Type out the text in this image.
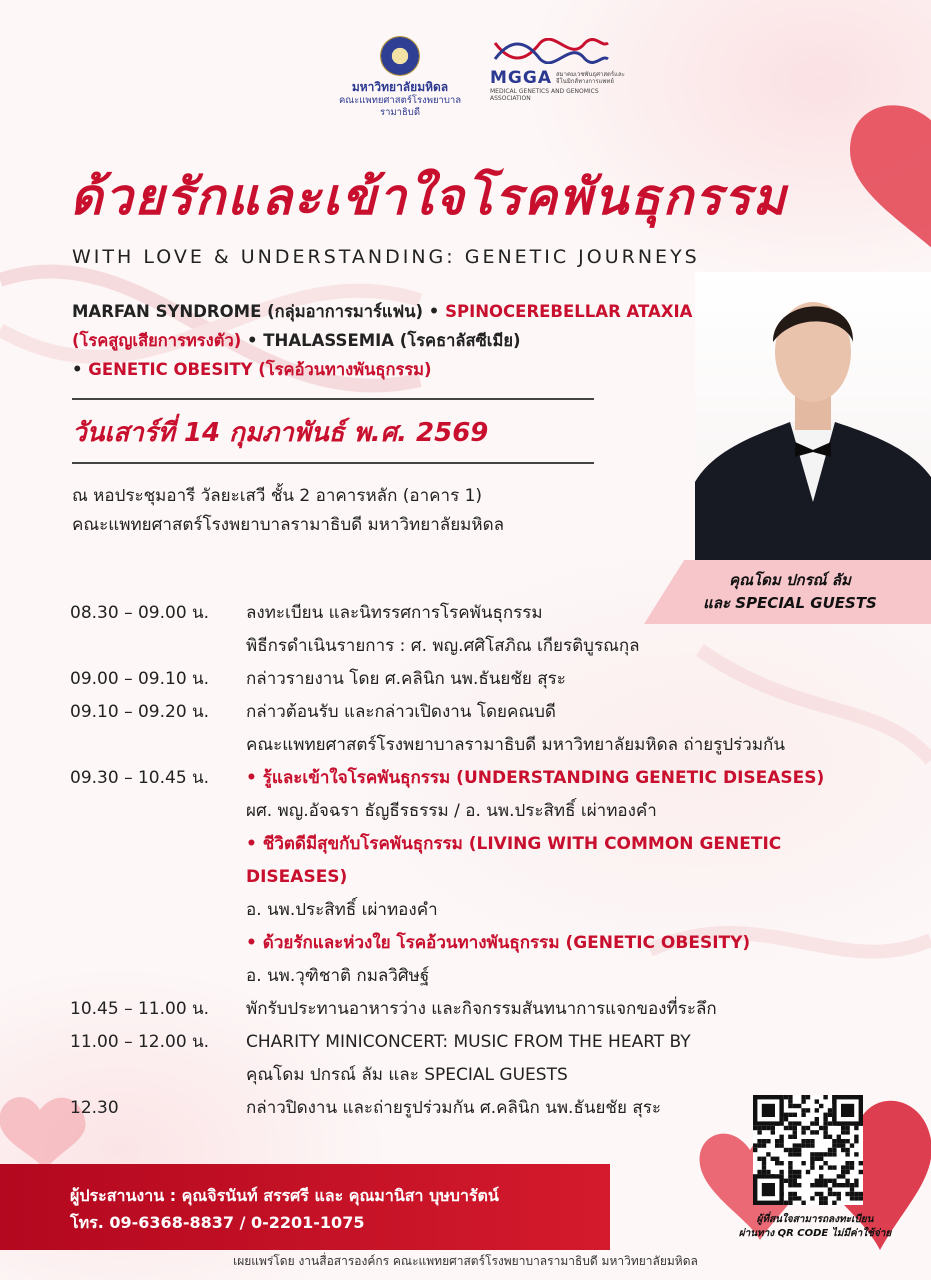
มหาวิทยาลัยมหิดล
คณะแพทยศาสตร์โรงพยาบาลรามาธิบดี
MGGA สมาคมเวชพันธุศาสตร์และจีโนมิกส์ทางการแพทย์
MEDICAL GENETICS AND GENOMICS ASSOCIATION
ด้วยรักและเข้าใจโรคพันธุกรรม
WITH LOVE & UNDERSTANDING: GENETIC JOURNEYS
MARFAN SYNDROME (กลุ่มอาการมาร์แฟน) • SPINOCEREBELLAR ATAXIA (โรคสูญเสียการทรงตัว) • THALASSEMIA (โรคธาลัสซีเมีย)
• GENETIC OBESITY (โรคอ้วนทางพันธุกรรม)
วันเสาร์ที่ 14 กุมภาพันธ์ พ.ศ. 2569
ณ หอประชุมอารี วัลยะเสวี ชั้น 2 อาคารหลัก (อาคาร 1)
คณะแพทยศาสตร์โรงพยาบาลรามาธิบดี มหาวิทยาลัยมหิดล
คุณโดม ปกรณ์ ลัม
และ SPECIAL GUESTS
08.30 – 09.00 น.	ลงทะเบียน และนิทรรศการโรคพันธุกรรม
พิธีกรดำเนินรายการ : ศ. พญ.ศศิโสภิณ เกียรติบูรณกุล
09.00 – 09.10 น.	กล่าวรายงาน โดย ศ.คลินิก นพ.ธันยชัย สุระ
09.10 – 09.20 น.	กล่าวต้อนรับ และกล่าวเปิดงาน โดยคณบดี
คณะแพทยศาสตร์โรงพยาบาลรามาธิบดี มหาวิทยาลัยมหิดล ถ่ายรูปร่วมกัน
09.30 – 10.45 น.	• รู้และเข้าใจโรคพันธุกรรม (UNDERSTANDING GENETIC DISEASES)
ผศ. พญ.อัจฉรา ธัญธีรธรรม / อ. นพ.ประสิทธิ์ เผ่าทองคำ
• ชีวิตดีมีสุขกับโรคพันธุกรรม (LIVING WITH COMMON GENETIC
DISEASES)
อ. นพ.ประสิทธิ์ เผ่าทองคำ
• ด้วยรักและห่วงใย โรคอ้วนทางพันธุกรรม (GENETIC OBESITY)
อ. นพ.วุฑิชาติ กมลวิศิษฐ์
10.45 – 11.00 น.	พักรับประทานอาหารว่าง และกิจกรรมสันทนาการแจกของที่ระลึก
11.00 – 12.00 น.	CHARITY MINICONCERT: MUSIC FROM THE HEART BY
คุณโดม ปกรณ์ ลัม และ SPECIAL GUESTS
12.30	กล่าวปิดงาน และถ่ายรูปร่วมกัน ศ.คลินิก นพ.ธันยชัย สุระ
ผู้ประสานงาน : คุณจิรนันท์ สรรศรี และ คุณมานิสา บุษบารัตน์
โทร. 09-6368-8837 / 0-2201-1075	ผู้ที่สนใจสามารถลงทะเบียน
ผ่านทาง QR CODE ไม่มีค่าใช้จ่าย
เผยแพร่โดย งานสื่อสารองค์กร คณะแพทยศาสตร์โรงพยาบาลรามาธิบดี มหาวิทยาลัยมหิดล
